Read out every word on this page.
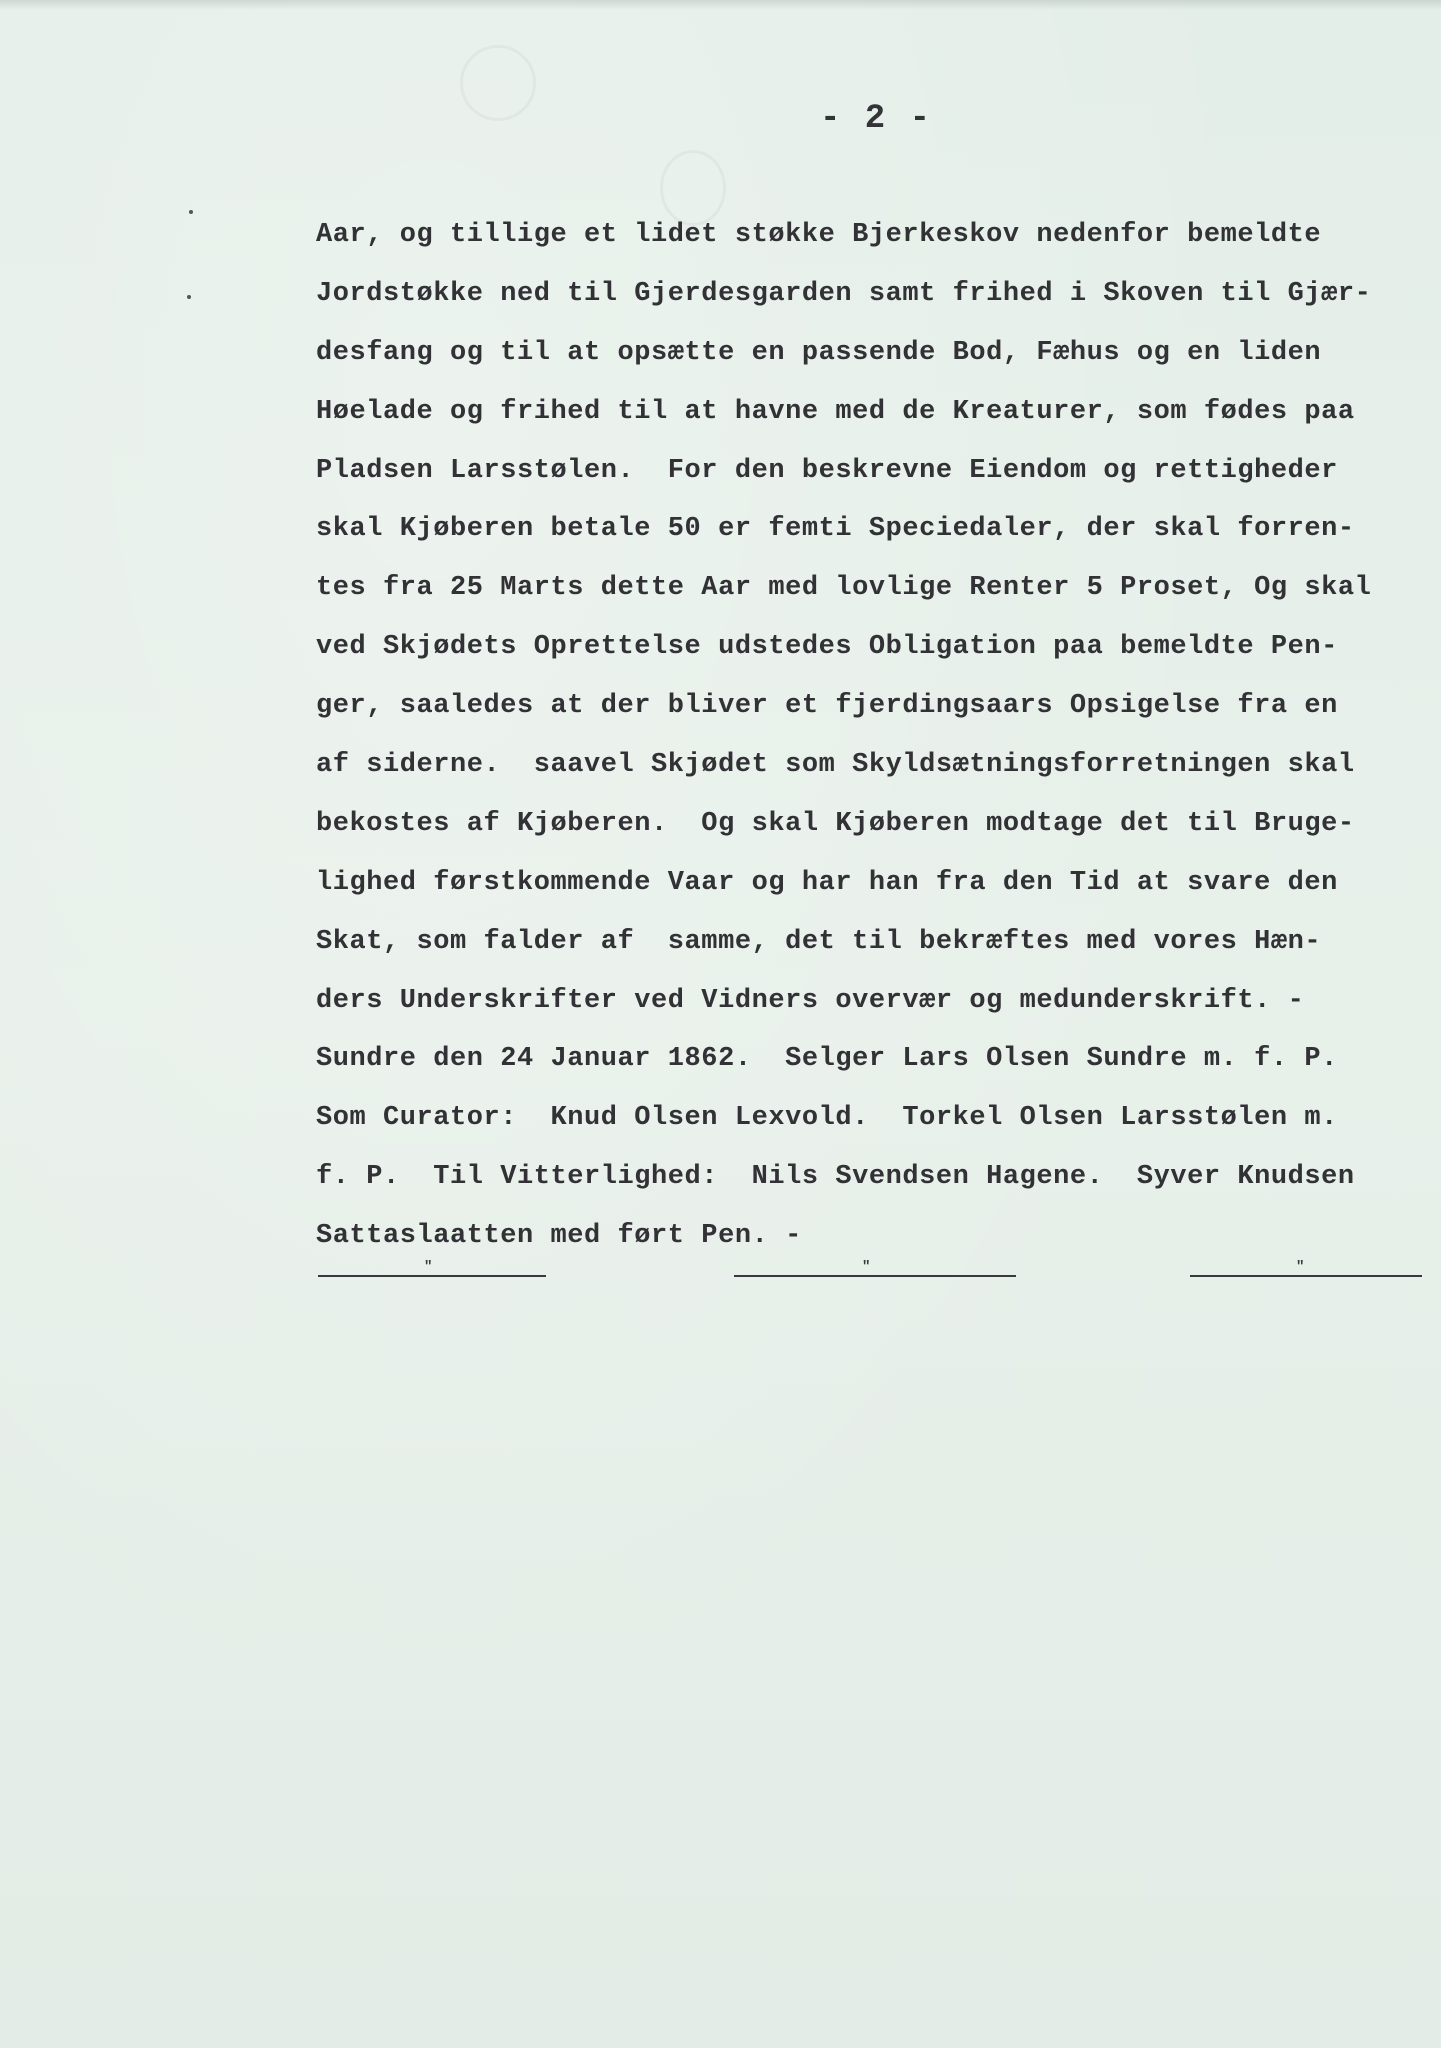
- 2 -
Aar, og tillige et lidet støkke Bjerkeskov nedenfor bemeldte
Jordstøkke ned til Gjerdesgarden samt frihed i Skoven til Gjær-
desfang og til at opsætte en passende Bod, Fæhus og en liden
Høelade og frihed til at havne med de Kreaturer, som fødes paa
Pladsen Larsstølen.  For den beskrevne Eiendom og rettigheder
skal Kjøberen betale 50 er femti Speciedaler, der skal forren-
tes fra 25 Marts dette Aar med lovlige Renter 5 Proset, Og skal
ved Skjødets Oprettelse udstedes Obligation paa bemeldte Pen-
ger, saaledes at der bliver et fjerdingsaars Opsigelse fra en
af siderne.  saavel Skjødet som Skyldsætningsforretningen skal
bekostes af Kjøberen.  Og skal Kjøberen modtage det til Bruge-
lighed førstkommende Vaar og har han fra den Tid at svare den
Skat, som falder af  samme, det til bekræftes med vores Hæn-
ders Underskrifter ved Vidners overvær og medunderskrift. -
Sundre den 24 Januar 1862.  Selger Lars Olsen Sundre m. f. P.
Som Curator:  Knud Olsen Lexvold.  Torkel Olsen Larsstølen m.
f. P.  Til Vitterlighed:  Nils Svendsen Hagene.  Syver Knudsen
Sattaslaatten med ført Pen. -
"	"	"
